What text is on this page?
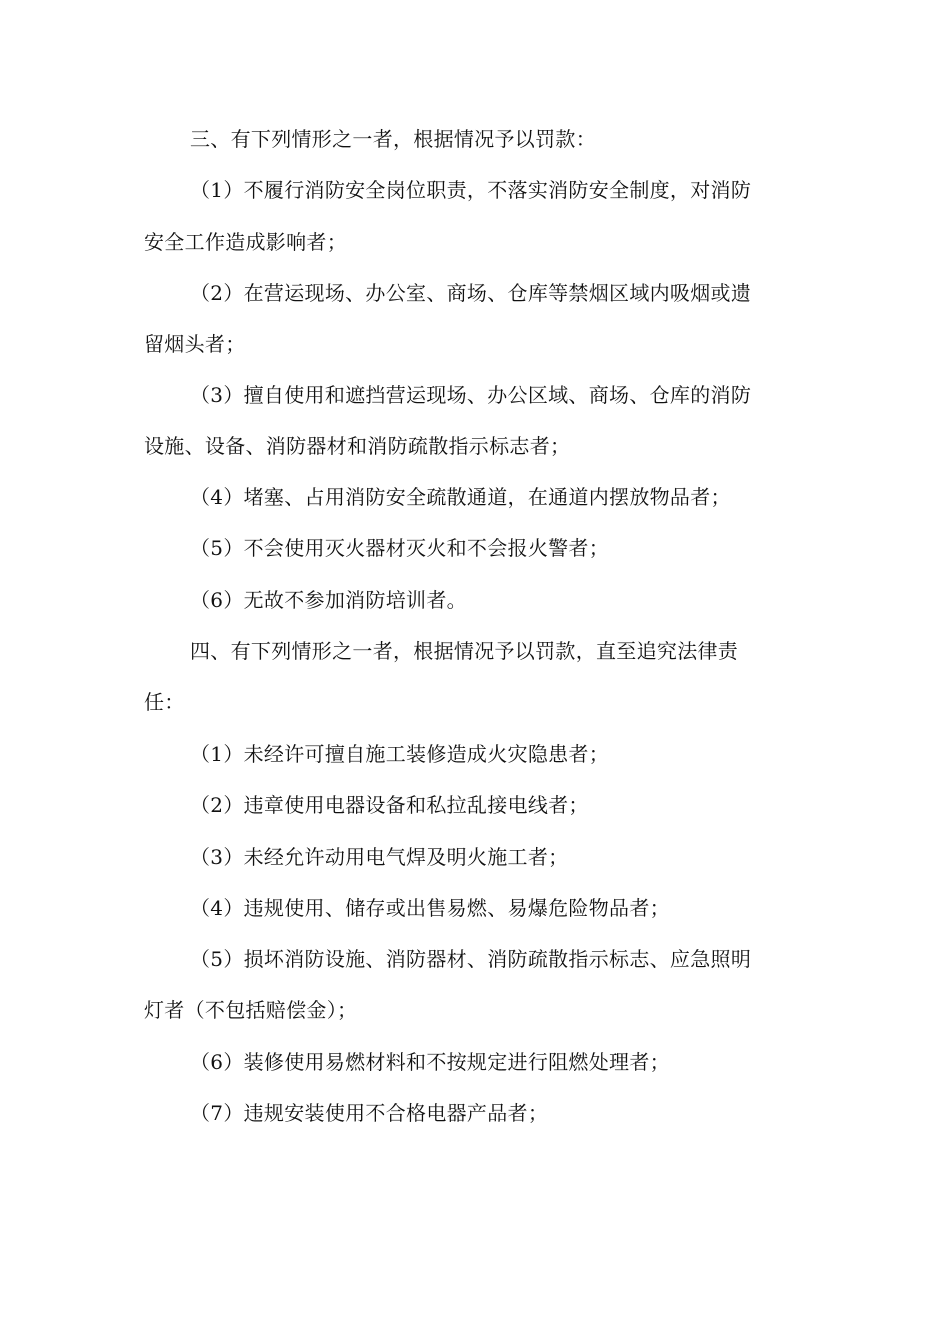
三、有下列情形之一者，根据情况予以罚款：
（1）不履行消防安全岗位职责，不落实消防安全制度，对消防
安全工作造成影响者；
（2）在营运现场、办公室、商场、仓库等禁烟区域内吸烟或遗
留烟头者；
（3）擅自使用和遮挡营运现场、办公区域、商场、仓库的消防
设施、设备、消防器材和消防疏散指示标志者；
（4）堵塞、占用消防安全疏散通道，在通道内摆放物品者；
（5）不会使用灭火器材灭火和不会报火警者；
（6）无故不参加消防培训者。
四、有下列情形之一者，根据情况予以罚款，直至追究法律责
任：
（1）未经许可擅自施工装修造成火灾隐患者；
（2）违章使用电器设备和私拉乱接电线者；
（3）未经允许动用电气焊及明火施工者；
（4）违规使用、储存或出售易燃、易爆危险物品者；
（5）损坏消防设施、消防器材、消防疏散指示标志、应急照明
灯者（不包括赔偿金）；
（6）装修使用易燃材料和不按规定进行阻燃处理者；
（7）违规安装使用不合格电器产品者；
